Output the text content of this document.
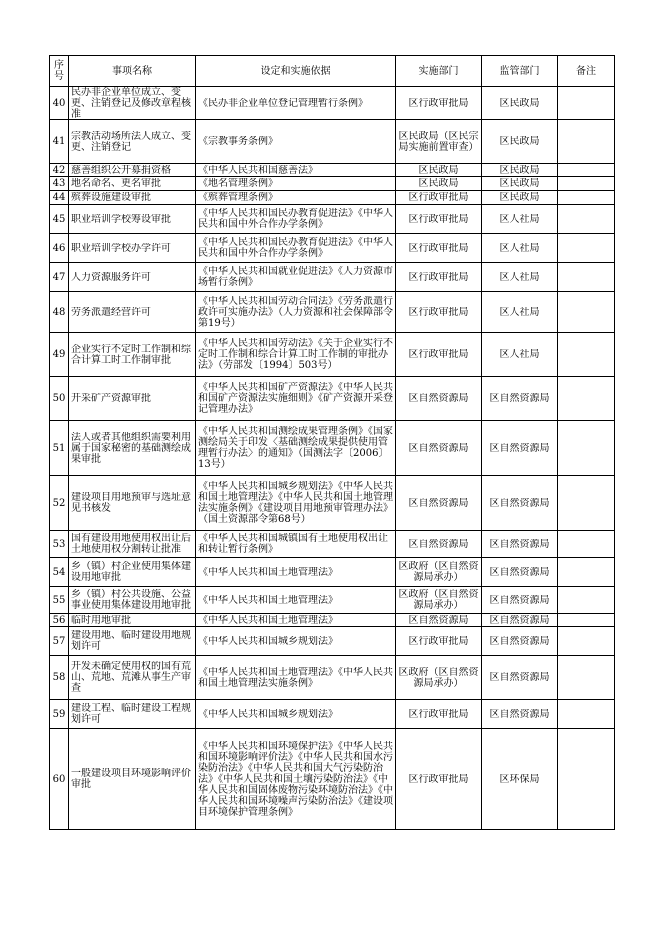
序号	事项名称	设定和实施依据	实施部门	监管部门	备注

40	民办非企业单位成立、变更、注销登记及修改章程核准	《民办非企业单位登记管理暂行条例》	区行政审批局	区民政局	

41	宗教活动场所法人成立、变更、注销登记	《宗教事务条例》	区民政局（区民宗局实施前置审查）	区民政局	

42	慈善组织公开募捐资格	《中华人民共和国慈善法》	区民政局	区民政局	

43	地名命名、更名审批	《地名管理条例》	区民政局	区民政局	

44	殡葬设施建设审批	《殡葬管理条例》	区行政审批局	区民政局	

45	职业培训学校筹设审批	《中华人民共和国民办教育促进法》《中华人民共和国中外合作办学条例》	区行政审批局	区人社局	

46	职业培训学校办学许可	《中华人民共和国民办教育促进法》《中华人民共和国中外合作办学条例》	区行政审批局	区人社局	

47	人力资源服务许可	《中华人民共和国就业促进法》《人力资源市场暂行条例》	区行政审批局	区人社局	

48	劳务派遣经营许可	《中华人民共和国劳动合同法》《劳务派遣行政许可实施办法》（人力资源和社会保障部令第19号）	区行政审批局	区人社局	

49	企业实行不定时工作制和综合计算工时工作制审批	《中华人民共和国劳动法》《关于企业实行不定时工作制和综合计算工时工作制的审批办法》（劳部发〔1994〕503号）	区行政审批局	区人社局	

50	开采矿产资源审批	《中华人民共和国矿产资源法》《中华人民共和国矿产资源法实施细则》《矿产资源开采登记管理办法》	区自然资源局	区自然资源局	

51	法人或者其他组织需要利用属于国家秘密的基础测绘成果审批	《中华人民共和国测绘成果管理条例》《国家测绘局关于印发〈基础测绘成果提供使用管理暂行办法〉的通知》（国测法字〔2006〕13号）	区自然资源局	区自然资源局	

52	建设项目用地预审与选址意见书核发	《中华人民共和国城乡规划法》《中华人民共和国土地管理法》《中华人民共和国土地管理法实施条例》《建设项目用地预审管理办法》（国土资源部令第68号）	区自然资源局	区自然资源局	

53	国有建设用地使用权出让后土地使用权分割转让批准	《中华人民共和国城镇国有土地使用权出让和转让暂行条例》	区自然资源局	区自然资源局	

54	乡（镇）村企业使用集体建设用地审批	《中华人民共和国土地管理法》	区政府（区自然资源局承办）	区自然资源局	

55	乡（镇）村公共设施、公益事业使用集体建设用地审批	《中华人民共和国土地管理法》	区政府（区自然资源局承办）	区自然资源局	

56	临时用地审批	《中华人民共和国土地管理法》	区自然资源局	区自然资源局	

57	建设用地、临时建设用地规划许可	《中华人民共和国城乡规划法》	区行政审批局	区自然资源局	

58	开发未确定使用权的国有荒山、荒地、荒滩从事生产审查	《中华人民共和国土地管理法》《中华人民共和国土地管理法实施条例》	区政府（区自然资源局承办）	区自然资源局	

59	建设工程、临时建设工程规划许可	《中华人民共和国城乡规划法》	区行政审批局	区自然资源局	

60	一般建设项目环境影响评价审批	《中华人民共和国环境保护法》《中华人民共和国环境影响评价法》《中华人民共和国水污染防治法》《中华人民共和国大气污染防治法》《中华人民共和国土壤污染防治法》《中华人民共和国固体废物污染环境防治法》《中华人民共和国环境噪声污染防治法》《建设项目环境保护管理条例》	区行政审批局	区环保局	
